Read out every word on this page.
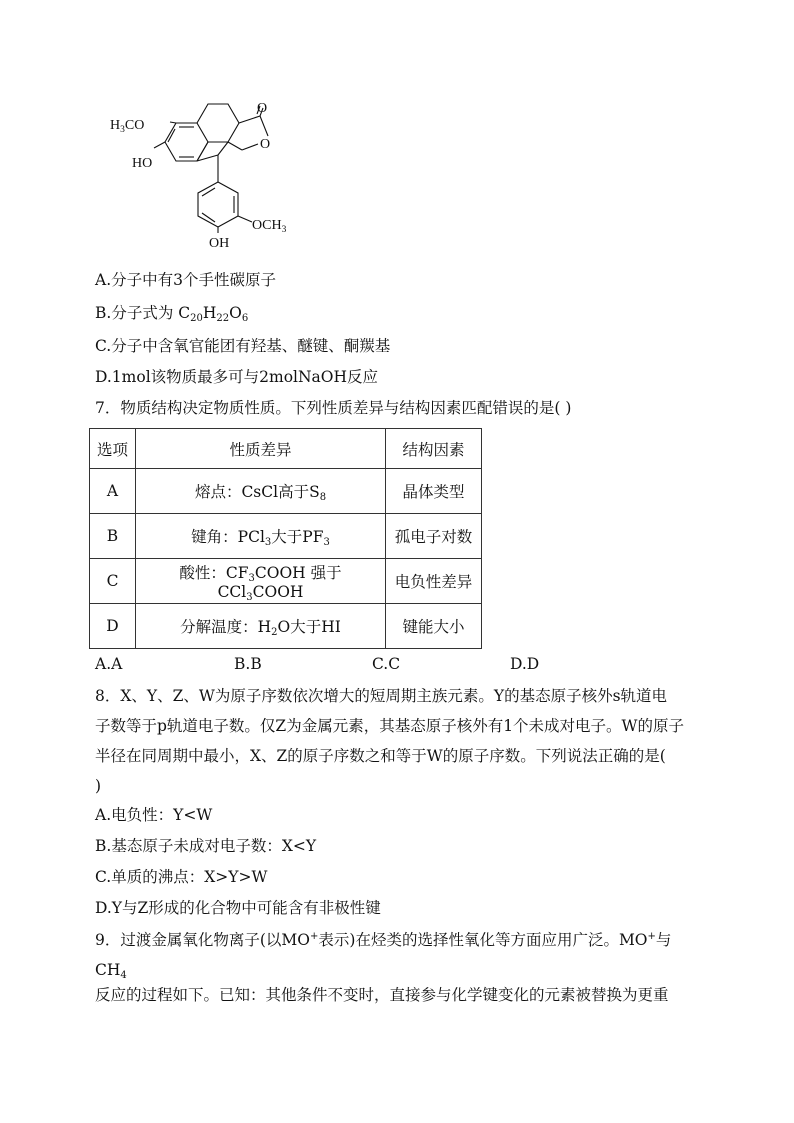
$H_3CO$
HO
O
O
$OCH_3$
OH
A.分子中有3个手性碳原子
B.分子式为 $C_{20}H_{22}O_6$
C.分子中含氧官能团有羟基、醚键、酮羰基
D.1mol该物质最多可与2molNaOH反应
7．物质结构决定物质性质。下列性质差异与结构因素匹配错误的是( )
选项	性质差异	结构因素
A	熔点：CsCl高于$S_8$	晶体类型
B	键角：PCl$_3$大于$PF_3$	孤电子对数
C	酸性：$CF_3COOH$ 强于 CCl$_3$COOH	电负性差异
D	分解温度：$H_2O$大于HI	键能大小
A.A	B.B	C.C	D.D
8．X、Y、Z、W为原子序数依次增大的短周期主族元素。Y的基态原子核外s轨道电
子数等于p轨道电子数。仅Z为金属元素，其基态原子核外有1个未成对电子。W的原子
半径在同周期中最小，X、Z的原子序数之和等于W的原子序数。下列说法正确的是(
)
A.电负性：Y<W
B.基态原子未成对电子数：X<Y
C.单质的沸点：X>Y>W
D.Y与Z形成的化合物中可能含有非极性键
9．过渡金属氧化物离子(以MO+表示)在烃类的选择性氧化等方面应用广泛。MO+与
$CH_4$
反应的过程如下。已知：其他条件不变时，直接参与化学键变化的元素被替换为更重
